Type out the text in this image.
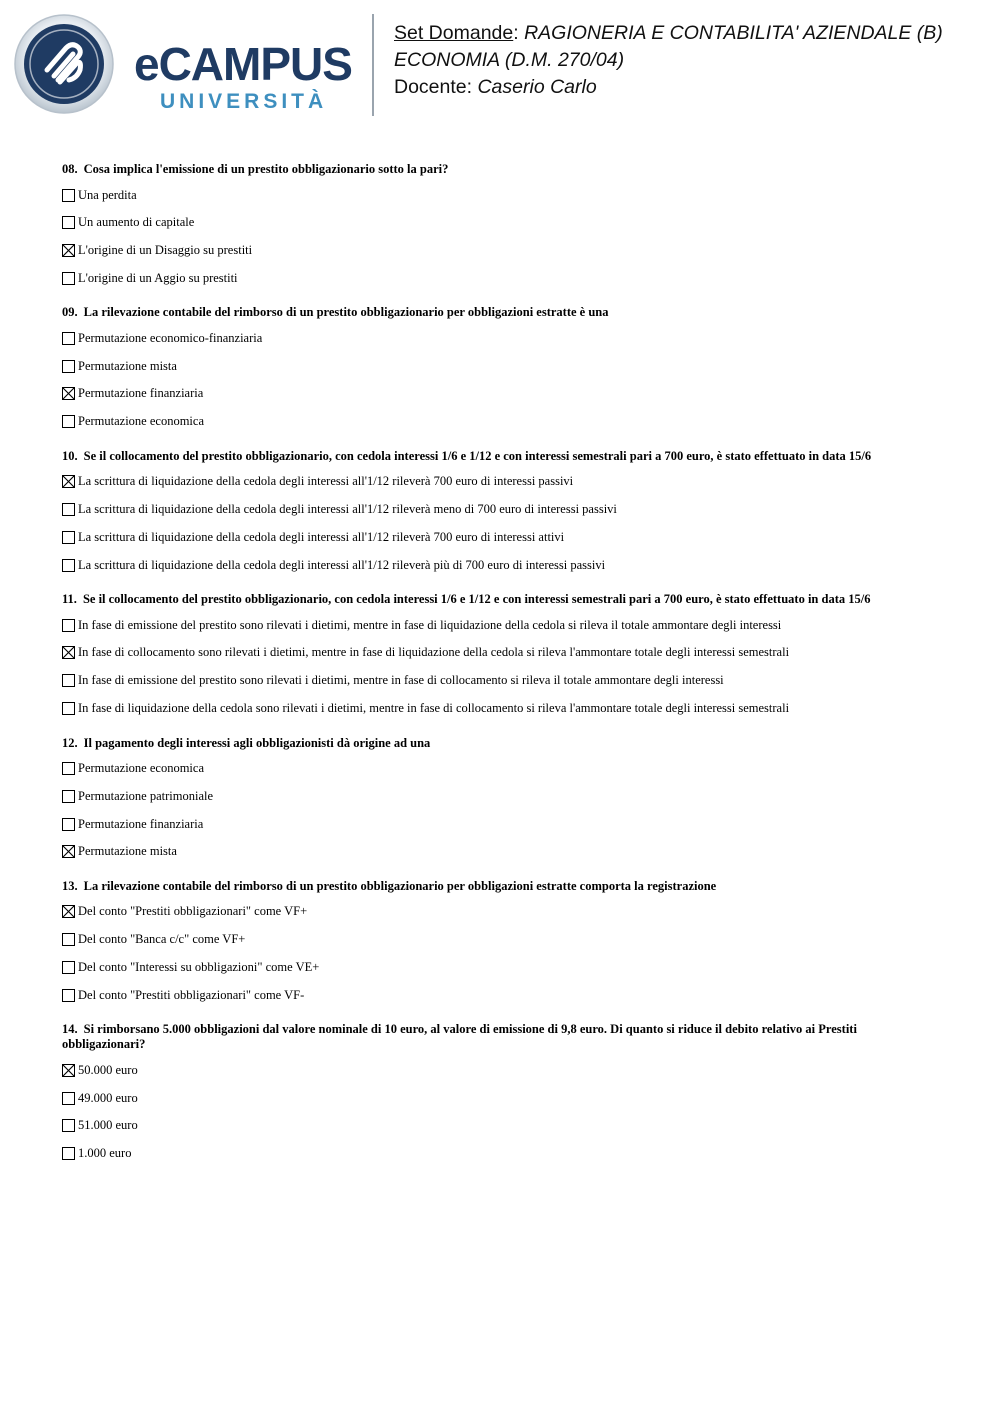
eCAMPUS
UNIVERSITÀ
Set Domande: RAGIONERIA E CONTABILITA' AZIENDALE (B)
ECONOMIA (D.M. 270/04)
Docente: Caserio Carlo
08. Cosa implica l'emissione di un prestito obbligazionario sotto la pari?
Una perdita
Un aumento di capitale
L'origine di un Disaggio su prestiti
L'origine di un Aggio su prestiti
09. La rilevazione contabile del rimborso di un prestito obbligazionario per obbligazioni estratte è una
Permutazione economico-finanziaria
Permutazione mista
Permutazione finanziaria
Permutazione economica
10. Se il collocamento del prestito obbligazionario, con cedola interessi 1/6 e 1/12 e con interessi semestrali pari a 700 euro, è stato effettuato in data 15/6
La scrittura di liquidazione della cedola degli interessi all'1/12 rileverà 700 euro di interessi passivi
La scrittura di liquidazione della cedola degli interessi all'1/12 rileverà meno di 700 euro di interessi passivi
La scrittura di liquidazione della cedola degli interessi all'1/12 rileverà 700 euro di interessi attivi
La scrittura di liquidazione della cedola degli interessi all'1/12 rileverà più di 700 euro di interessi passivi
11. Se il collocamento del prestito obbligazionario, con cedola interessi 1/6 e 1/12 e con interessi semestrali pari a 700 euro, è stato effettuato in data 15/6
In fase di emissione del prestito sono rilevati i dietimi, mentre in fase di liquidazione della cedola si rileva il totale ammontare degli interessi
In fase di collocamento sono rilevati i dietimi, mentre in fase di liquidazione della cedola si rileva l'ammontare totale degli interessi semestrali
In fase di emissione del prestito sono rilevati i dietimi, mentre in fase di collocamento si rileva il totale ammontare degli interessi
In fase di liquidazione della cedola sono rilevati i dietimi, mentre in fase di collocamento si rileva l'ammontare totale degli interessi semestrali
12. Il pagamento degli interessi agli obbligazionisti dà origine ad una
Permutazione economica
Permutazione patrimoniale
Permutazione finanziaria
Permutazione mista
13. La rilevazione contabile del rimborso di un prestito obbligazionario per obbligazioni estratte comporta la registrazione
Del conto "Prestiti obbligazionari" come VF+
Del conto "Banca c/c" come VF+
Del conto "Interessi su obbligazioni" come VE+
Del conto "Prestiti obbligazionari" come VF-
14. Si rimborsano 5.000 obbligazioni dal valore nominale di 10 euro, al valore di emissione di 9,8 euro. Di quanto si riduce il debito relativo ai Prestiti obbligazionari?
50.000 euro
49.000 euro
51.000 euro
1.000 euro
